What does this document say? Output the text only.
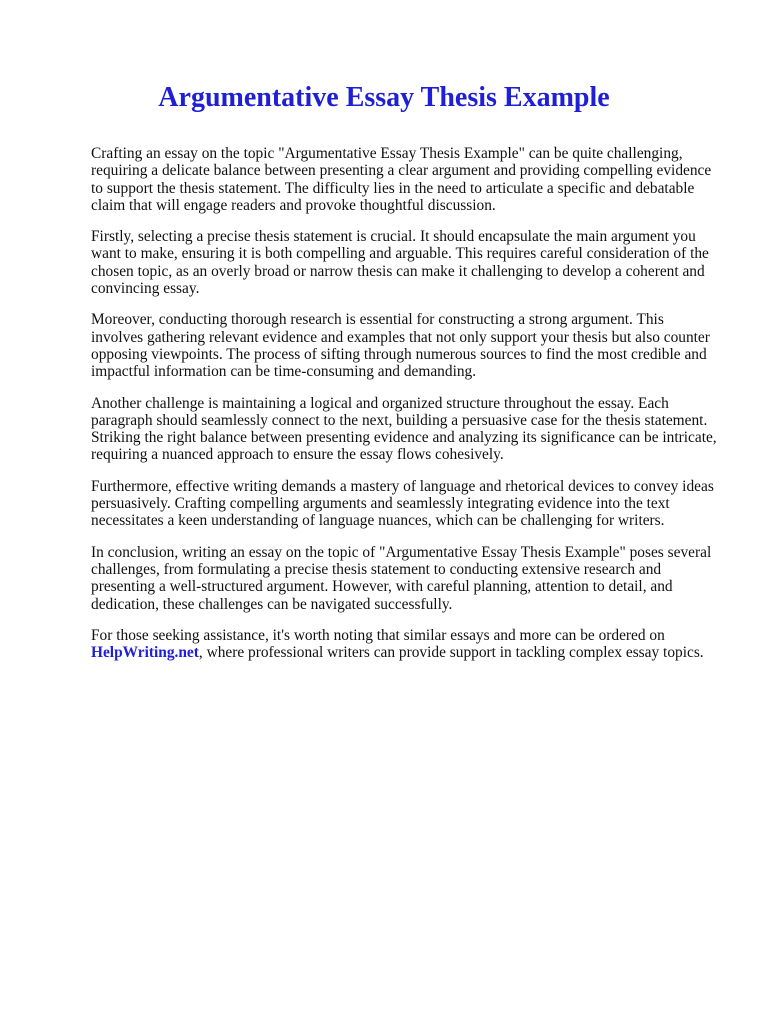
Argumentative Essay Thesis Example

Crafting an essay on the topic "Argumentative Essay Thesis Example" can be quite challenging,
requiring a delicate balance between presenting a clear argument and providing compelling evidence
to support the thesis statement. The difficulty lies in the need to articulate a specific and debatable
claim that will engage readers and provoke thoughtful discussion.

Firstly, selecting a precise thesis statement is crucial. It should encapsulate the main argument you
want to make, ensuring it is both compelling and arguable. This requires careful consideration of the
chosen topic, as an overly broad or narrow thesis can make it challenging to develop a coherent and
convincing essay.

Moreover, conducting thorough research is essential for constructing a strong argument. This
involves gathering relevant evidence and examples that not only support your thesis but also counter
opposing viewpoints. The process of sifting through numerous sources to find the most credible and
impactful information can be time-consuming and demanding.

Another challenge is maintaining a logical and organized structure throughout the essay. Each
paragraph should seamlessly connect to the next, building a persuasive case for the thesis statement.
Striking the right balance between presenting evidence and analyzing its significance can be intricate,
requiring a nuanced approach to ensure the essay flows cohesively.

Furthermore, effective writing demands a mastery of language and rhetorical devices to convey ideas
persuasively. Crafting compelling arguments and seamlessly integrating evidence into the text
necessitates a keen understanding of language nuances, which can be challenging for writers.

In conclusion, writing an essay on the topic of "Argumentative Essay Thesis Example" poses several
challenges, from formulating a precise thesis statement to conducting extensive research and
presenting a well-structured argument. However, with careful planning, attention to detail, and
dedication, these challenges can be navigated successfully.

For those seeking assistance, it's worth noting that similar essays and more can be ordered on
HelpWriting.net, where professional writers can provide support in tackling complex essay topics.
